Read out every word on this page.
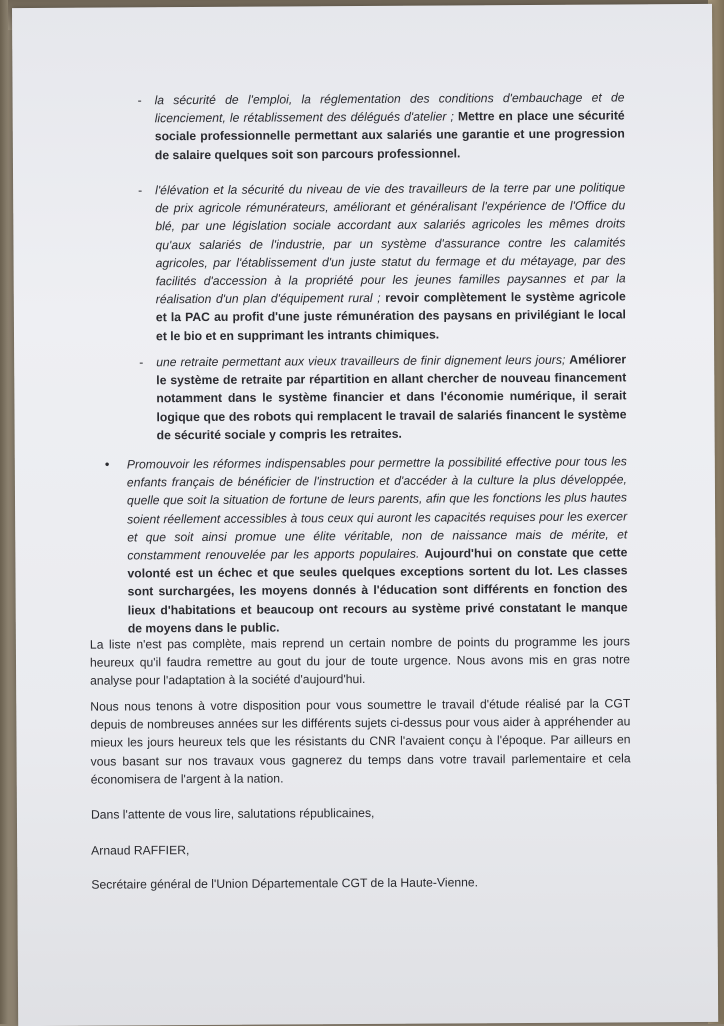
- la sécurité de l'emploi, la réglementation des conditions d'embauchage et de licenciement, le rétablissement des délégués d'atelier ; Mettre en place une sécurité sociale professionnelle permettant aux salariés une garantie et une progression de salaire quelques soit son parcours professionnel.
- l'élévation et la sécurité du niveau de vie des travailleurs de la terre par une politique de prix agricole rémunérateurs, améliorant et généralisant l'expérience de l'Office du blé, par une législation sociale accordant aux salariés agricoles les mêmes droits qu'aux salariés de l'industrie, par un système d'assurance contre les calamités agricoles, par l'établissement d'un juste statut du fermage et du métayage, par des facilités d'accession à la propriété pour les jeunes familles paysannes et par la réalisation d'un plan d'équipement rural ; revoir complètement le système agricole et la PAC au profit d'une juste rémunération des paysans en privilégiant le local et le bio et en supprimant les intrants chimiques.
- une retraite permettant aux vieux travailleurs de finir dignement leurs jours; Améliorer le système de retraite par répartition en allant chercher de nouveau financement notamment dans le système financier et dans l'économie numérique, il serait logique que des robots qui remplacent le travail de salariés financent le système de sécurité sociale y compris les retraites.
• Promouvoir les réformes indispensables pour permettre la possibilité effective pour tous les enfants français de bénéficier de l'instruction et d'accéder à la culture la plus développée, quelle que soit la situation de fortune de leurs parents, afin que les fonctions les plus hautes soient réellement accessibles à tous ceux qui auront les capacités requises pour les exercer et que soit ainsi promue une élite véritable, non de naissance mais de mérite, et constamment renouvelée par les apports populaires. Aujourd'hui on constate que cette volonté est un échec et que seules quelques exceptions sortent du lot. Les classes sont surchargées, les moyens donnés à l'éducation sont différents en fonction des lieux d'habitations et beaucoup ont recours au système privé constatant le manque de moyens dans le public.
La liste n'est pas complète, mais reprend un certain nombre de points du programme les jours heureux qu'il faudra remettre au gout du jour de toute urgence. Nous avons mis en gras notre analyse pour l'adaptation à la société d'aujourd'hui.
Nous nous tenons à votre disposition pour vous soumettre le travail d'étude réalisé par la CGT depuis de nombreuses années sur les différents sujets ci-dessus pour vous aider à appréhender au mieux les jours heureux tels que les résistants du CNR l'avaient conçu à l'époque. Par ailleurs en vous basant sur nos travaux vous gagnerez du temps dans votre travail parlementaire et cela économisera de l'argent à la nation.
Dans l'attente de vous lire, salutations républicaines,
Arnaud RAFFIER,
Secrétaire général de l'Union Départementale CGT de la Haute-Vienne.
